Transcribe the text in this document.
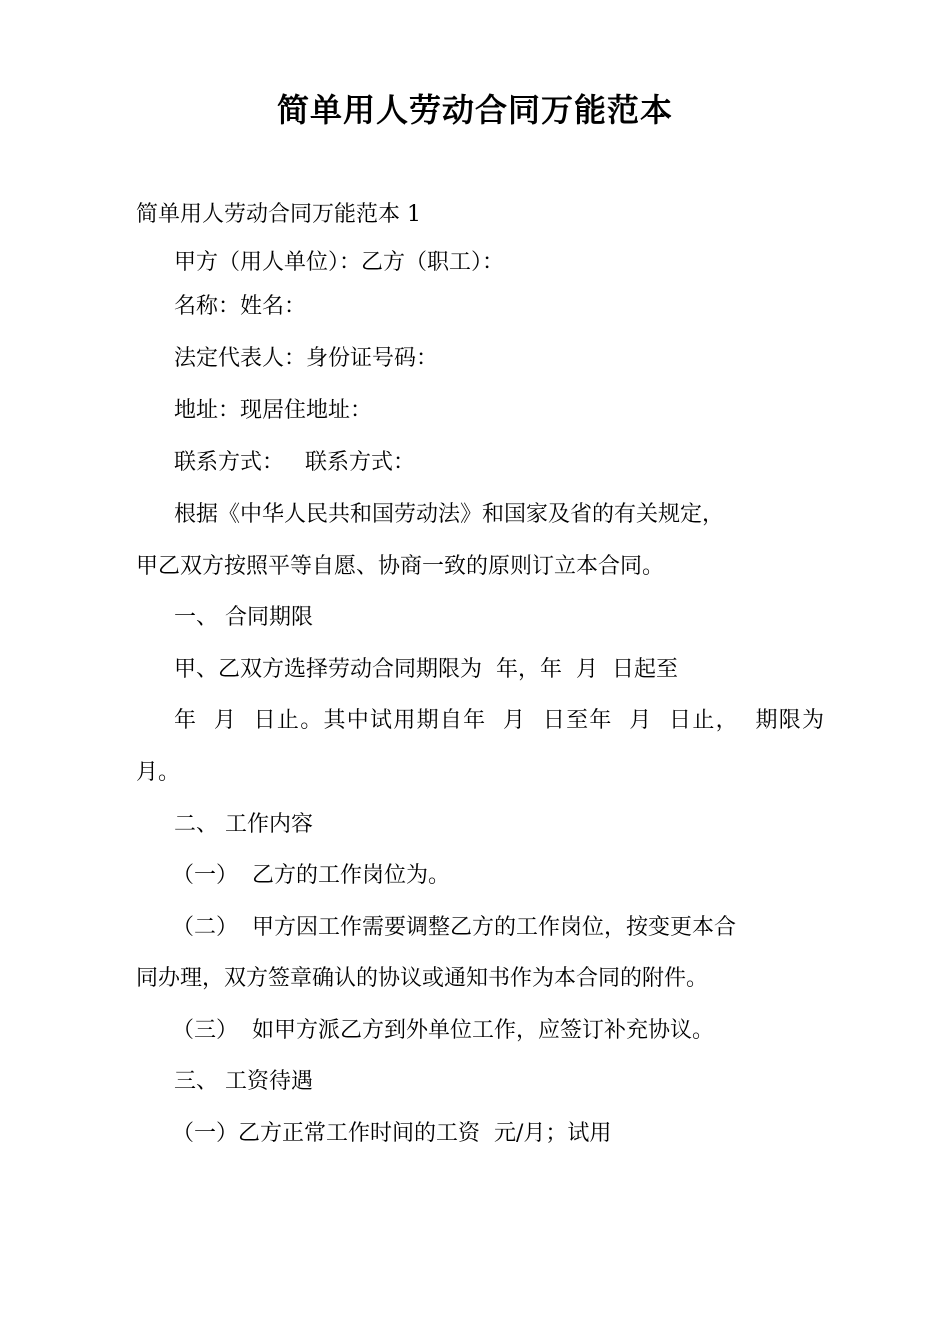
简单用人劳动合同万能范本

简单用人劳动合同万能范本 1

甲方（用人单位）：乙方（职工）：

名称：姓名：

法定代表人：身份证号码：

地址：现居住地址：

联系方式：   联系方式：

根据《中华人民共和国劳动法》和国家及省的有关规定，

甲乙双方按照平等自愿、协商一致的原则订立本合同。

一、 合同期限

甲、乙双方选择劳动合同期限为  年，年  月  日起至

年  月  日止。其中试用期自年  月  日至年  月  日止，  期限为

月。

二、 工作内容

（一）  乙方的工作岗位为。

（二）  甲方因工作需要调整乙方的工作岗位，按变更本合

同办理，双方签章确认的协议或通知书作为本合同的附件。

（三）  如甲方派乙方到外单位工作，应签订补充协议。

三、 工资待遇

（一）乙方正常工作时间的工资  元/月；试用
